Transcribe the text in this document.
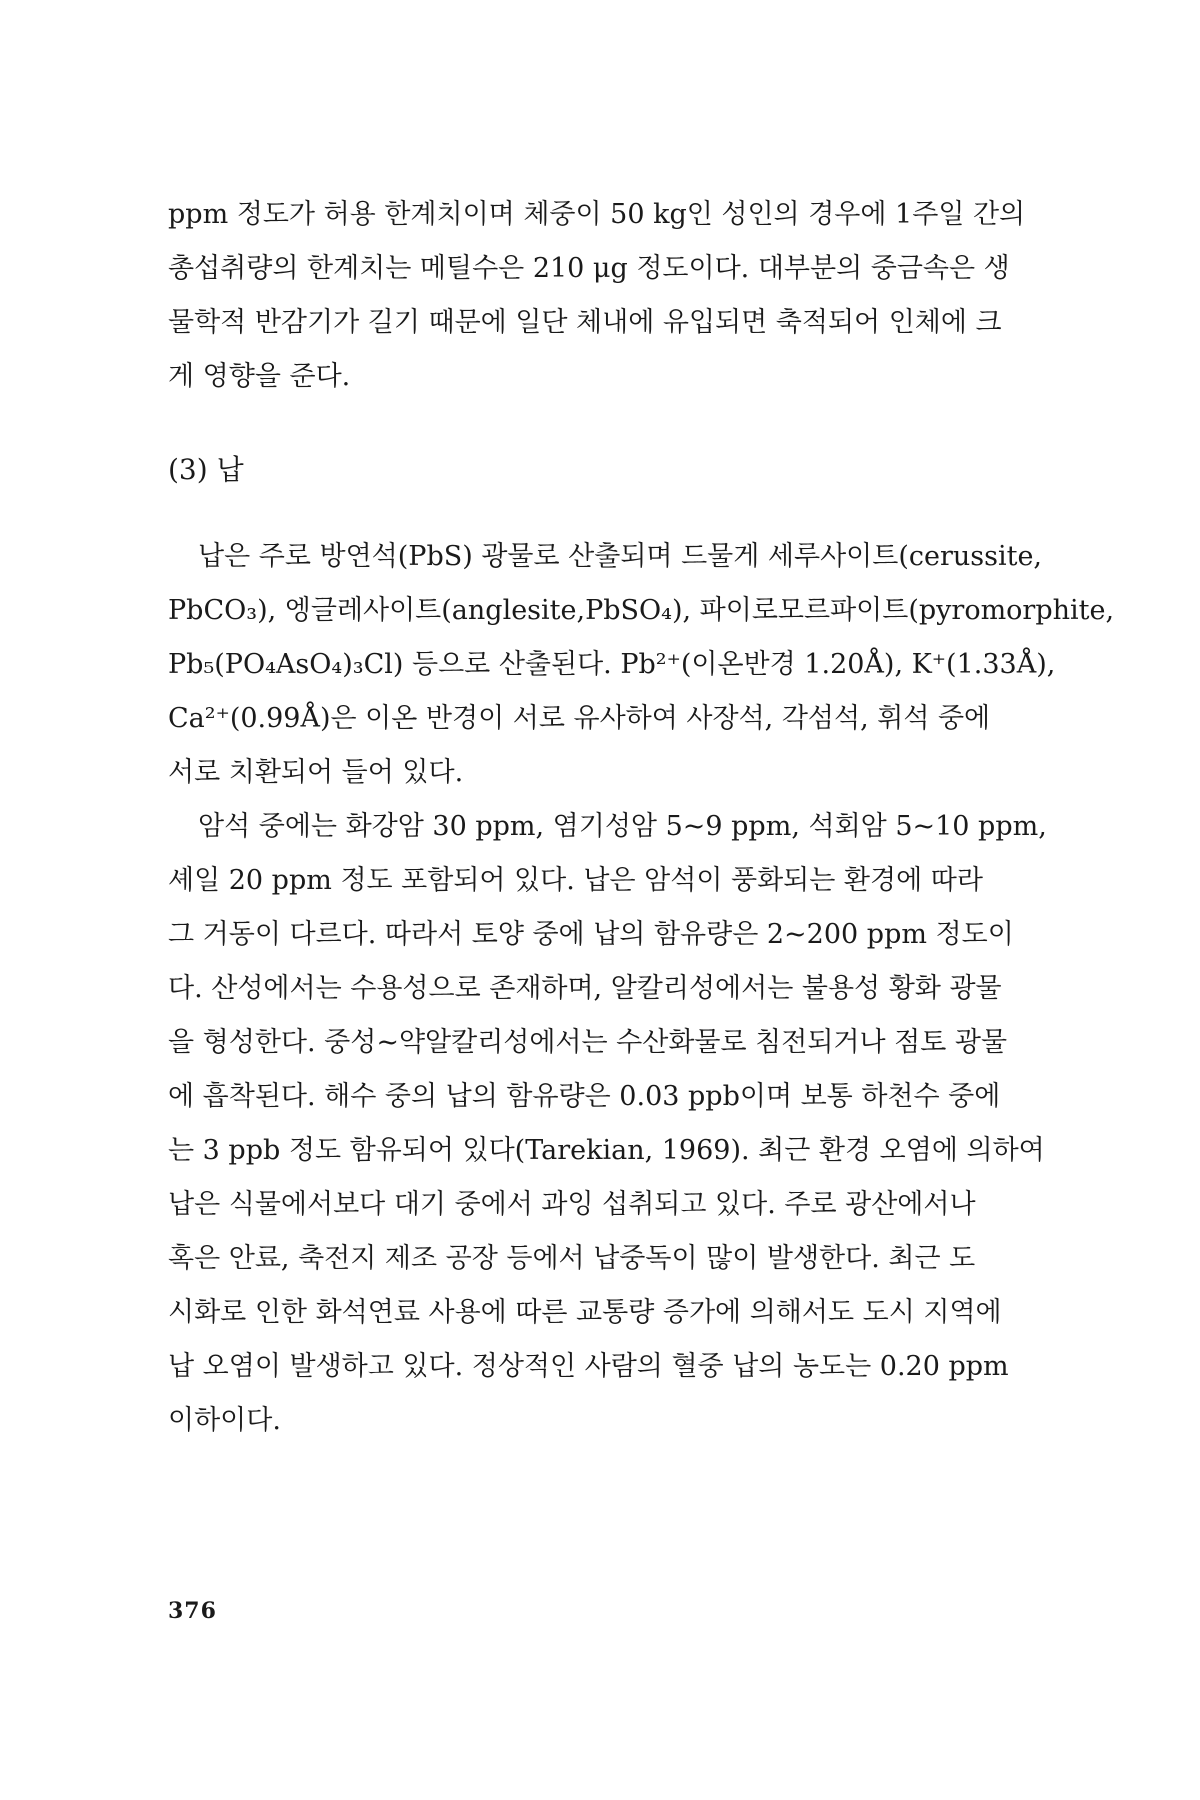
ppm 정도가 허용 한계치이며 체중이 50 kg인 성인의 경우에 1주일 간의
총섭취량의 한계치는 메틸수은 210 μg 정도이다. 대부분의 중금속은 생
물학적 반감기가 길기 때문에 일단 체내에 유입되면 축적되어 인체에 크
게 영향을 준다.

(3) 납

납은 주로 방연석(PbS) 광물로 산출되며 드물게 세루사이트(cerussite,
PbCO₃), 엥글레사이트(anglesite,PbSO₄), 파이로모르파이트(pyromorphite,
Pb₅(PO₄AsO₄)₃Cl) 등으로 산출된다. Pb²⁺(이온반경 1.20Å), K⁺(1.33Å),
Ca²⁺(0.99Å)은 이온 반경이 서로 유사하여 사장석, 각섬석, 휘석 중에
서로 치환되어 들어 있다.

암석 중에는 화강암 30 ppm, 염기성암 5~9 ppm, 석회암 5~10 ppm,
셰일 20 ppm 정도 포함되어 있다. 납은 암석이 풍화되는 환경에 따라
그 거동이 다르다. 따라서 토양 중에 납의 함유량은 2~200 ppm 정도이
다. 산성에서는 수용성으로 존재하며, 알칼리성에서는 불용성 황화 광물
을 형성한다. 중성~약알칼리성에서는 수산화물로 침전되거나 점토 광물
에 흡착된다. 해수 중의 납의 함유량은 0.03 ppb이며 보통 하천수 중에
는 3 ppb 정도 함유되어 있다(Tarekian, 1969). 최근 환경 오염에 의하여
납은 식물에서보다 대기 중에서 과잉 섭취되고 있다. 주로 광산에서나
혹은 안료, 축전지 제조 공장 등에서 납중독이 많이 발생한다. 최근 도
시화로 인한 화석연료 사용에 따른 교통량 증가에 의해서도 도시 지역에
납 오염이 발생하고 있다. 정상적인 사람의 혈중 납의 농도는 0.20 ppm
이하이다.

376
